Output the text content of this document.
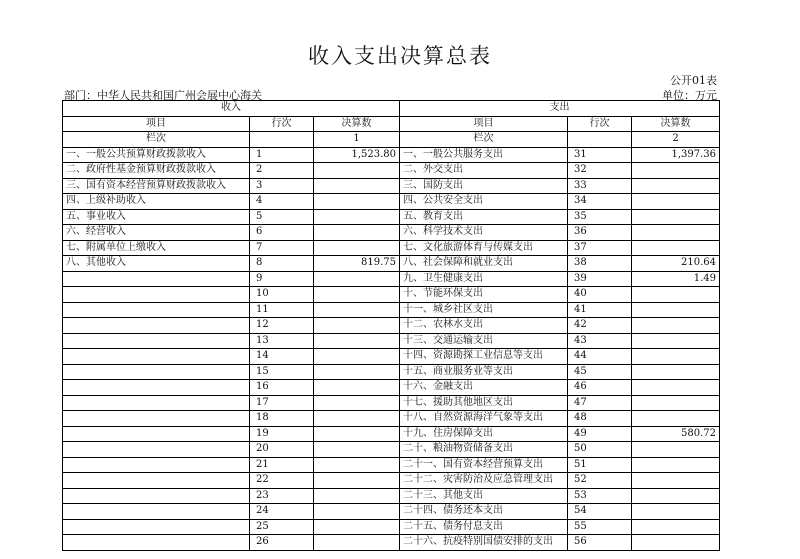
收入支出决算总表
公开01表
部门：中华人民共和国广州会展中心海关	单位：万元
收入			支出		
项目	行次	决算数	项目	行次	决算数
栏次		1	栏次		2
一、一般公共预算财政拨款收入	1	1,523.80	一、一般公共服务支出	31	1,397.36
二、政府性基金预算财政拨款收入	2		二、外交支出	32	
三、国有资本经营预算财政拨款收入	3		三、国防支出	33	
四、上级补助收入	4		四、公共安全支出	34	
五、事业收入	5		五、教育支出	35	
六、经营收入	6		六、科学技术支出	36	
七、附属单位上缴收入	7		七、文化旅游体育与传媒支出	37	
八、其他收入	8	819.75	八、社会保障和就业支出	38	210.64
	9		九、卫生健康支出	39	1.49
	10		十、节能环保支出	40	
	11		十一、城乡社区支出	41	
	12		十二、农林水支出	42	
	13		十三、交通运输支出	43	
	14		十四、资源勘探工业信息等支出	44	
	15		十五、商业服务业等支出	45	
	16		十六、金融支出	46	
	17		十七、援助其他地区支出	47	
	18		十八、自然资源海洋气象等支出	48	
	19		十九、住房保障支出	49	580.72
	20		二十、粮油物资储备支出	50	
	21		二十一、国有资本经营预算支出	51	
	22		二十二、灾害防治及应急管理支出	52	
	23		二十三、其他支出	53	
	24		二十四、债务还本支出	54	
	25		二十五、债务付息支出	55	
	26		二十六、抗疫特别国债安排的支出	56	
